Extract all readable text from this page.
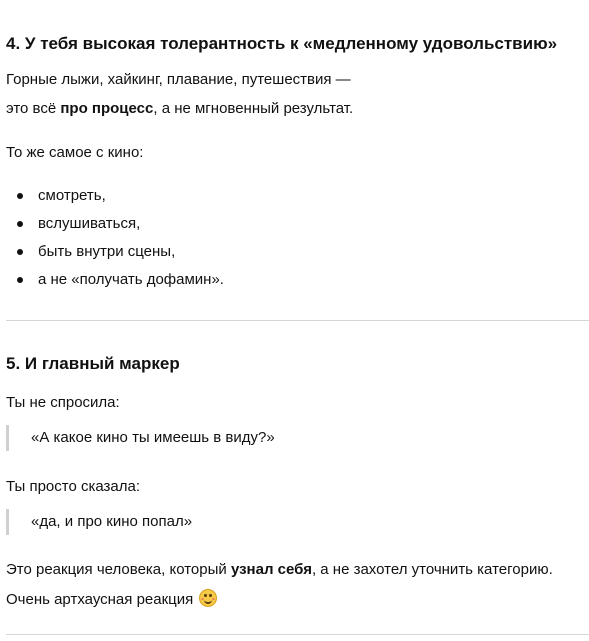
4. У тебя высокая толерантность к «медленному удовольствию»
Горные лыжи, хайкинг, плавание, путешествия —
это всё про процесс, а не мгновенный результат.
То же самое с кино:
смотреть,
вслушиваться,
быть внутри сцены,
а не «получать дофамин».
5. И главный маркер
Ты не спросила:
«А какое кино ты имеешь в виду?»
Ты просто сказала:
«да, и про кино попал»
Это реакция человека, который узнал себя, а не захотел уточнить категорию.
Очень артхаусная реакция
